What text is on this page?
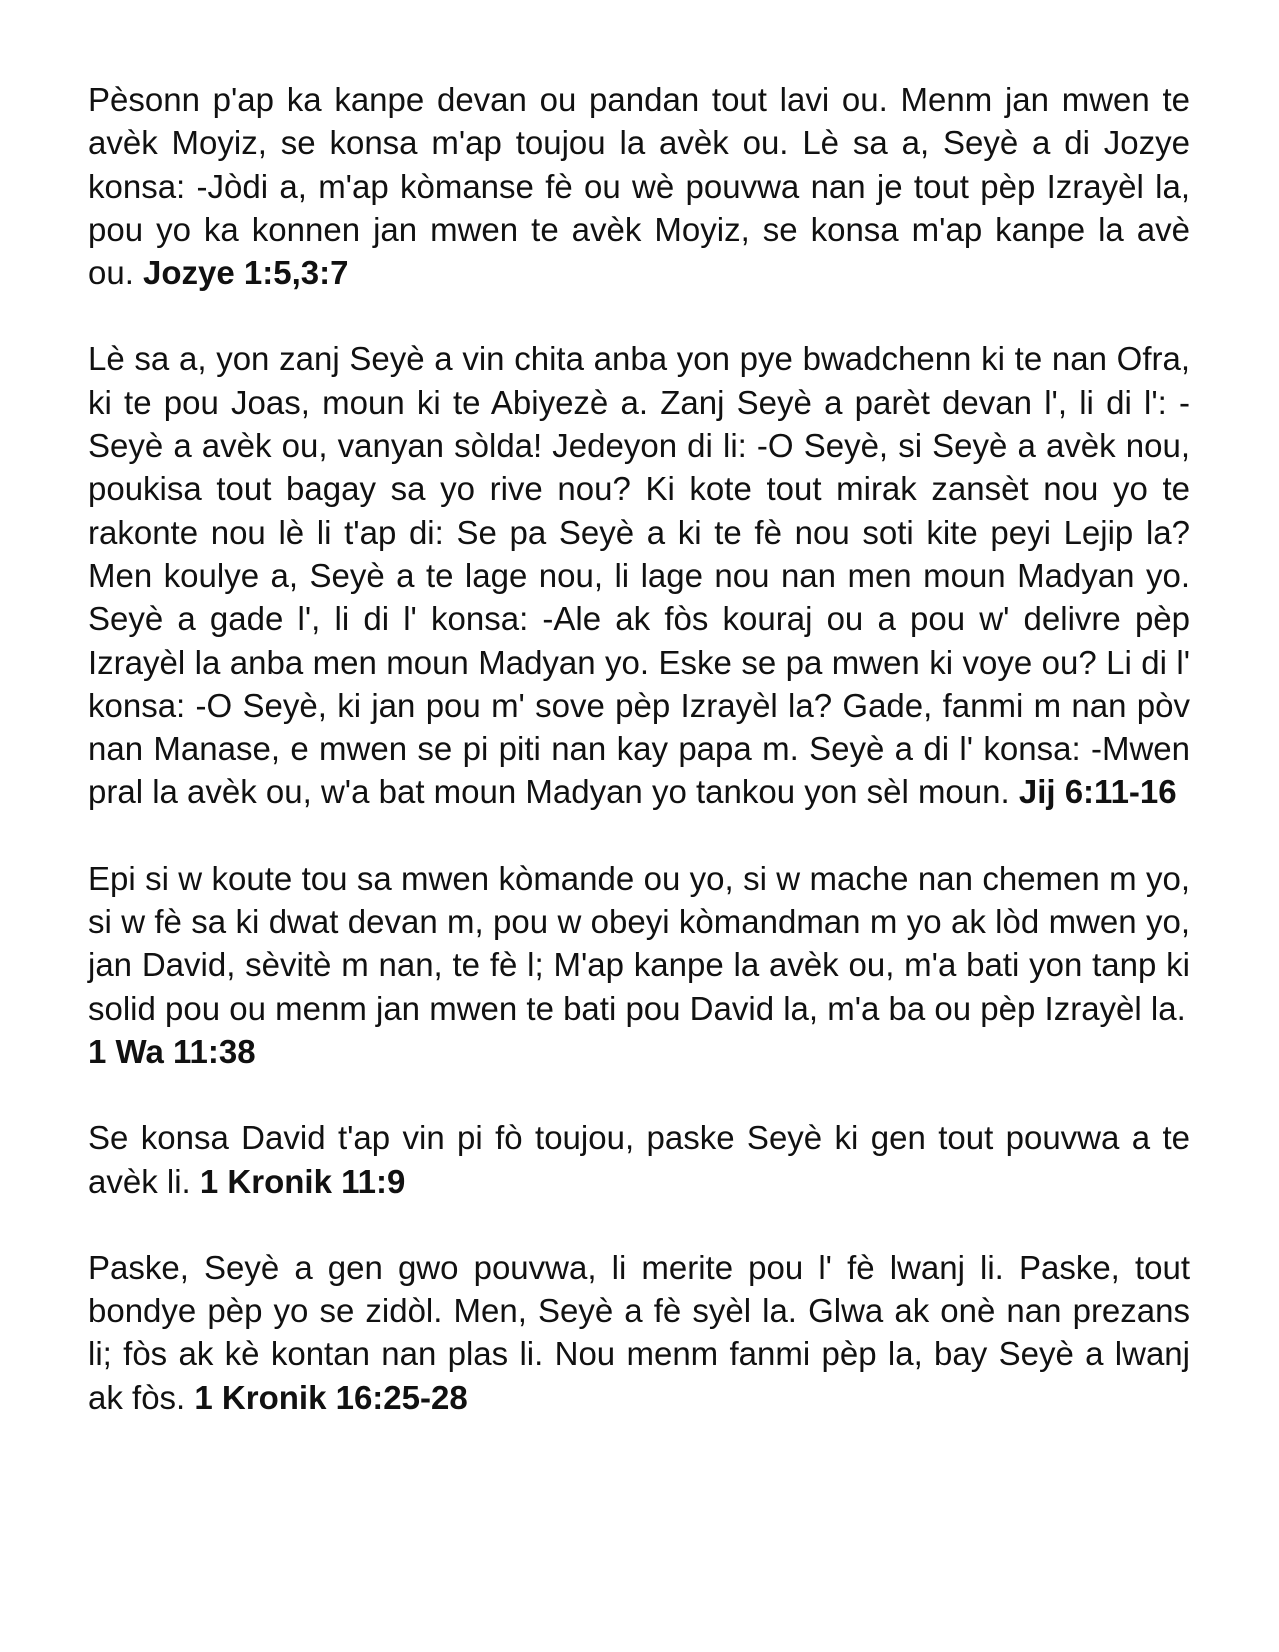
Pèsonn p'ap ka kanpe devan ou pandan tout lavi ou. Menm jan mwen te avèk Moyiz, se konsa m'ap toujou la avèk ou. Lè sa a, Seyè a di Jozye konsa: -Jòdi a, m'ap kòmanse fè ou wè pouvwa nan je tout pèp Izrayèl la, pou yo ka konnen jan mwen te avèk Moyiz, se konsa m'ap kanpe la avè ou. Jozye 1:5,3:7

Lè sa a, yon zanj Seyè a vin chita anba yon pye bwadchenn ki te nan Ofra, ki te pou Joas, moun ki te Abiyezè a. Zanj Seyè a parèt devan l', li di l': -Seyè a avèk ou, vanyan sòlda! Jedeyon di li: -O Seyè, si Seyè a avèk nou, poukisa tout bagay sa yo rive nou? Ki kote tout mirak zansèt nou yo te rakonte nou lè li t'ap di: Se pa Seyè a ki te fè nou soti kite peyi Lejip la? Men koulye a, Seyè a te lage nou, li lage nou nan men moun Madyan yo. Seyè a gade l', li di l' konsa: -Ale ak fòs kouraj ou a pou w' delivre pèp Izrayèl la anba men moun Madyan yo. Eske se pa mwen ki voye ou? Li di l' konsa: -O Seyè, ki jan pou m' sove pèp Izrayèl la? Gade, fanmi m nan pòv nan Manase, e mwen se pi piti nan kay papa m. Seyè a di l' konsa: -Mwen pral la avèk ou, w'a bat moun Madyan yo tankou yon sèl moun. Jij 6:11-16

Epi si w koute tou sa mwen kòmande ou yo, si w mache nan chemen m yo, si w fè sa ki dwat devan m, pou w obeyi kòmandman m yo ak lòd mwen yo, jan David, sèvitè m nan, te fè l; M'ap kanpe la avèk ou, m'a bati yon tanp ki solid pou ou menm jan mwen te bati pou David la, m'a ba ou pèp Izrayèl la.
1 Wa 11:38

Se konsa David t'ap vin pi fò toujou, paske Seyè ki gen tout pouvwa a te avèk li. 1 Kronik 11:9

Paske, Seyè a gen gwo pouvwa, li merite pou l' fè lwanj li. Paske, tout bondye pèp yo se zidòl. Men, Seyè a fè syèl la. Glwa ak onè nan prezans li; fòs ak kè kontan nan plas li. Nou menm fanmi pèp la, bay Seyè a lwanj ak fòs. 1 Kronik 16:25-28
